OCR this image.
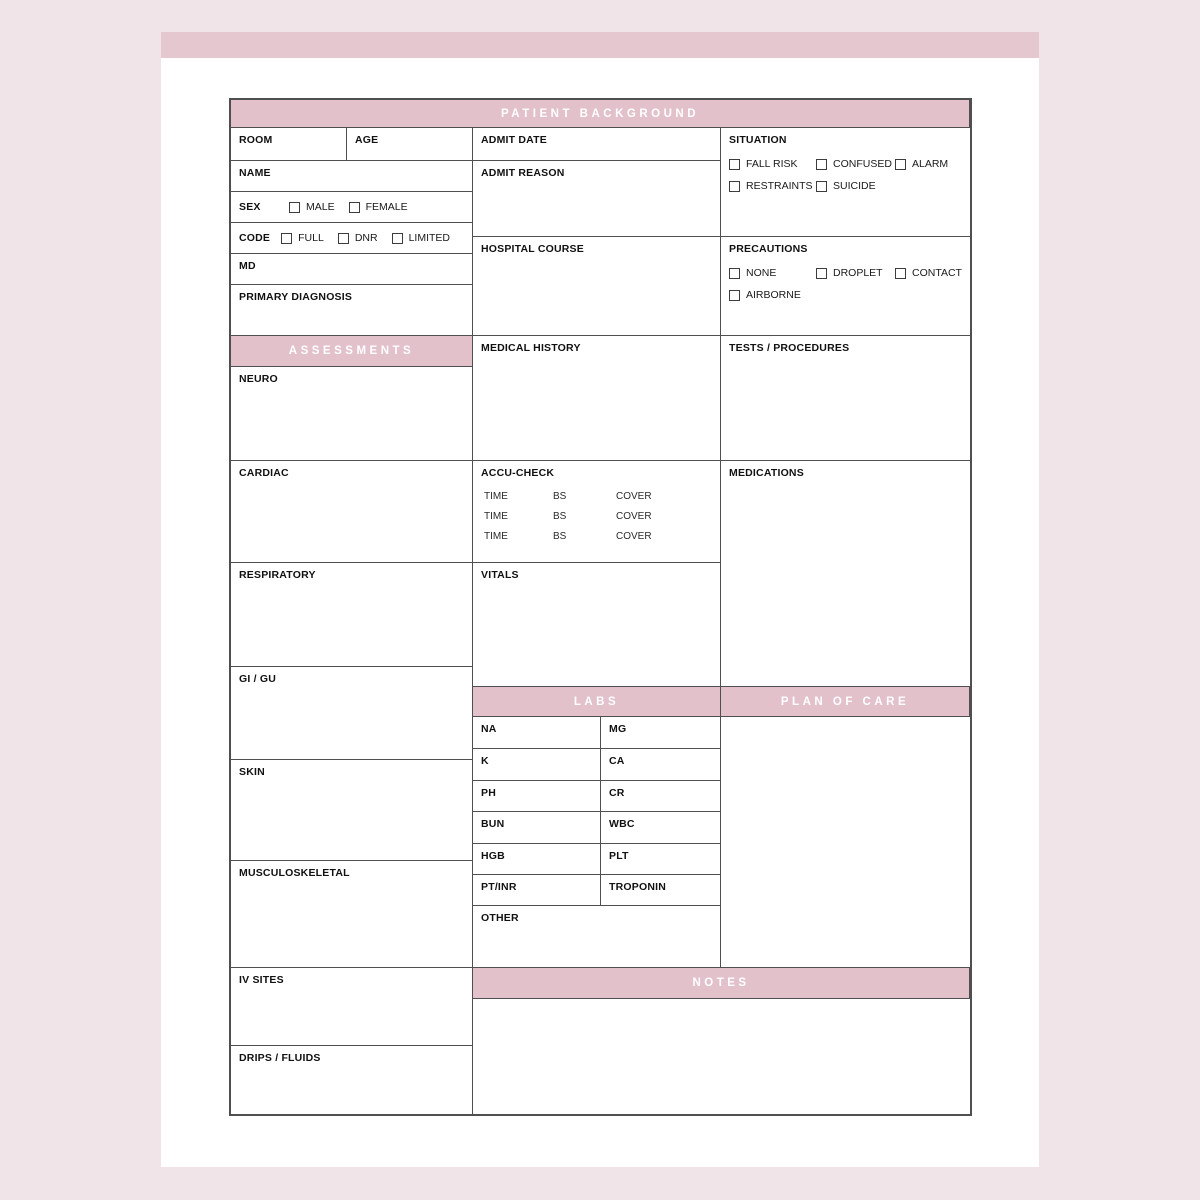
PATIENT BACKGROUND
ROOM	AGE
NAME
SEX	MALE	FEMALE
CODE	FULL	DNR	LIMITED
MD
PRIMARY DIAGNOSIS
ADMIT DATE
ADMIT REASON
HOSPITAL COURSE
SITUATION
FALL RISK	CONFUSED ALARM
RESTRAINTS SUICIDE
PRECAUTIONS
NONE	DROPLET	CONTACT
AIRBORNE
ASSESSMENTS
NEURO
CARDIAC
RESPIRATORY
GI / GU
SKIN
MUSCULOSKELETAL
IV SITES
DRIPS / FLUIDS
MEDICAL HISTORY
ACCU-CHECK
TIME	BS	COVER
TIME	BS	COVER
TIME	BS	COVER
VITALS
TESTS / PROCEDURES
MEDICATIONS
LABS	PLAN OF CARE
NA	MG
K	CA
PH	CR
BUN	WBC
HGB	PLT
PT/INR	TROPONIN
OTHER
NOTES
